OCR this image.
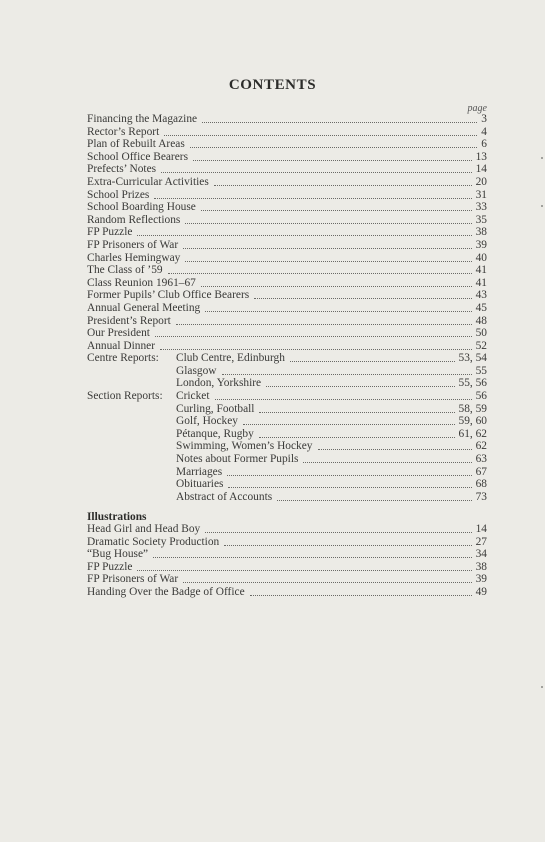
CONTENTS
page
Financing the Magazine	3
Rector’s Report	4
Plan of Rebuilt Areas	6
School Office Bearers	13
Prefects’ Notes	14
Extra-Curricular Activities	20
School Prizes	31
School Boarding House	33
Random Reflections	35
FP Puzzle	38
FP Prisoners of War	39
Charles Hemingway	40
The Class of ’59	41
Class Reunion 1961–67	41
Former Pupils’ Club Office Bearers	43
Annual General Meeting	45
President’s Report	48
Our President	50
Annual Dinner	52
Centre Reports: Club Centre, Edinburgh	53, 54
Glasgow	55
London, Yorkshire	55, 56
Section Reports: Cricket	56
Curling, Football	58, 59
Golf, Hockey	59, 60
Pétanque, Rugby	61, 62
Swimming, Women’s Hockey	62
Notes about Former Pupils	63
Marriages	67
Obituaries	68
Abstract of Accounts	73
Illustrations
Head Girl and Head Boy	14
Dramatic Society Production	27
“Bug House”	34
FP Puzzle	38
FP Prisoners of War	39
Handing Over the Badge of Office	49
